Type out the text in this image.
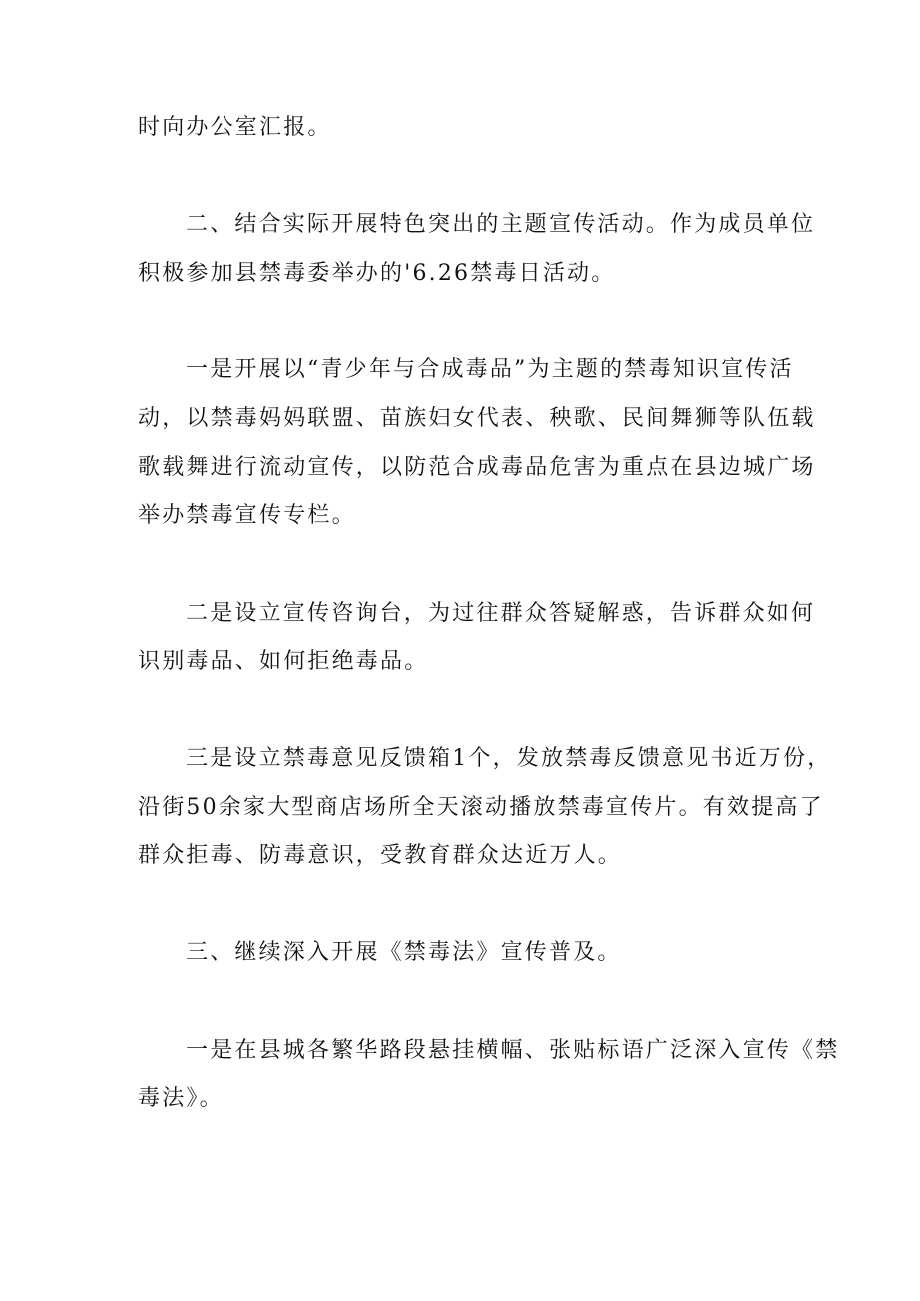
时向办公室汇报。
二、结合实际开展特色突出的主题宣传活动。作为成员单位
积极参加县禁毒委举办的'6.26禁毒日活动。
一是开展以“青少年与合成毒品”为主题的禁毒知识宣传活
动，以禁毒妈妈联盟、苗族妇女代表、秧歌、民间舞狮等队伍载
歌载舞进行流动宣传，以防范合成毒品危害为重点在县边城广场
举办禁毒宣传专栏。
二是设立宣传咨询台，为过往群众答疑解惑，告诉群众如何
识别毒品、如何拒绝毒品。
三是设立禁毒意见反馈箱1个，发放禁毒反馈意见书近万份，
沿街50余家大型商店场所全天滚动播放禁毒宣传片。有效提高了
群众拒毒、防毒意识，受教育群众达近万人。
三、继续深入开展《禁毒法》宣传普及。
一是在县城各繁华路段悬挂横幅、张贴标语广泛深入宣传《禁
毒法》。
